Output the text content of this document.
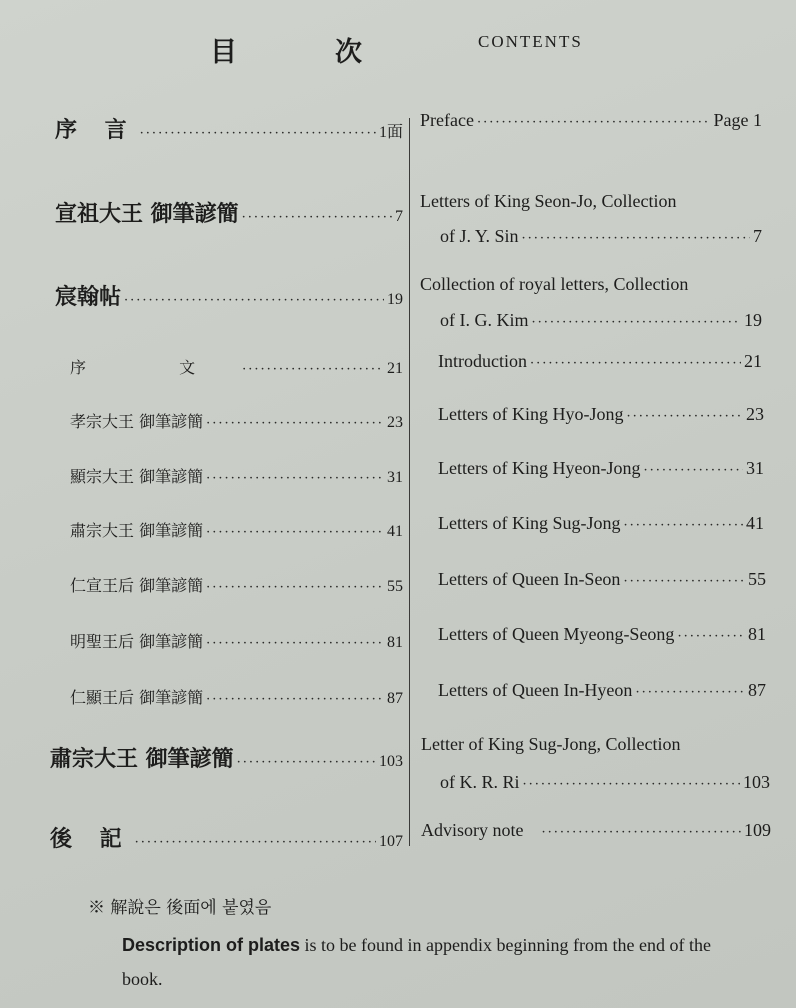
目	次	CONTENTS
序 言 ·····	1面
宣祖大王 御筆諺簡 ·····	7
宸翰帖 ·····	19
序 文 ·····	21
孝宗大王 御筆諺簡 ·····	23
顯宗大王 御筆諺簡 ·····	31
肅宗大王 御筆諺簡 ·····	41
仁宣王后 御筆諺簡 ·····	55
明聖王后 御筆諺簡 ·····	81
仁顯王后 御筆諺簡 ·····	87
肅宗大王 御筆諺簡 ·····	103
後 記 ·····	107
Preface ·····	Page 1
Letters of King Seon-Jo, Collection
of J. Y. Sin ·····	7
Collection of royal letters, Collection
of I. G. Kim ·····	19
Introduction ·····	21
Letters of King Hyo-Jong ·····	23
Letters of King Hyeon-Jong ·····	31
Letters of King Sug-Jong ·····	41
Letters of Queen In-Seon ·····	55
Letters of Queen Myeong-Seong ·····	81
Letters of Queen In-Hyeon ·····	87
Letter of King Sug-Jong, Collection
of K. R. Ri ·····	103
Advisory note ·····	109
※ 解說은 後面에 붙였음
Description of plates is to be found in appendix beginning from the end of the book.
